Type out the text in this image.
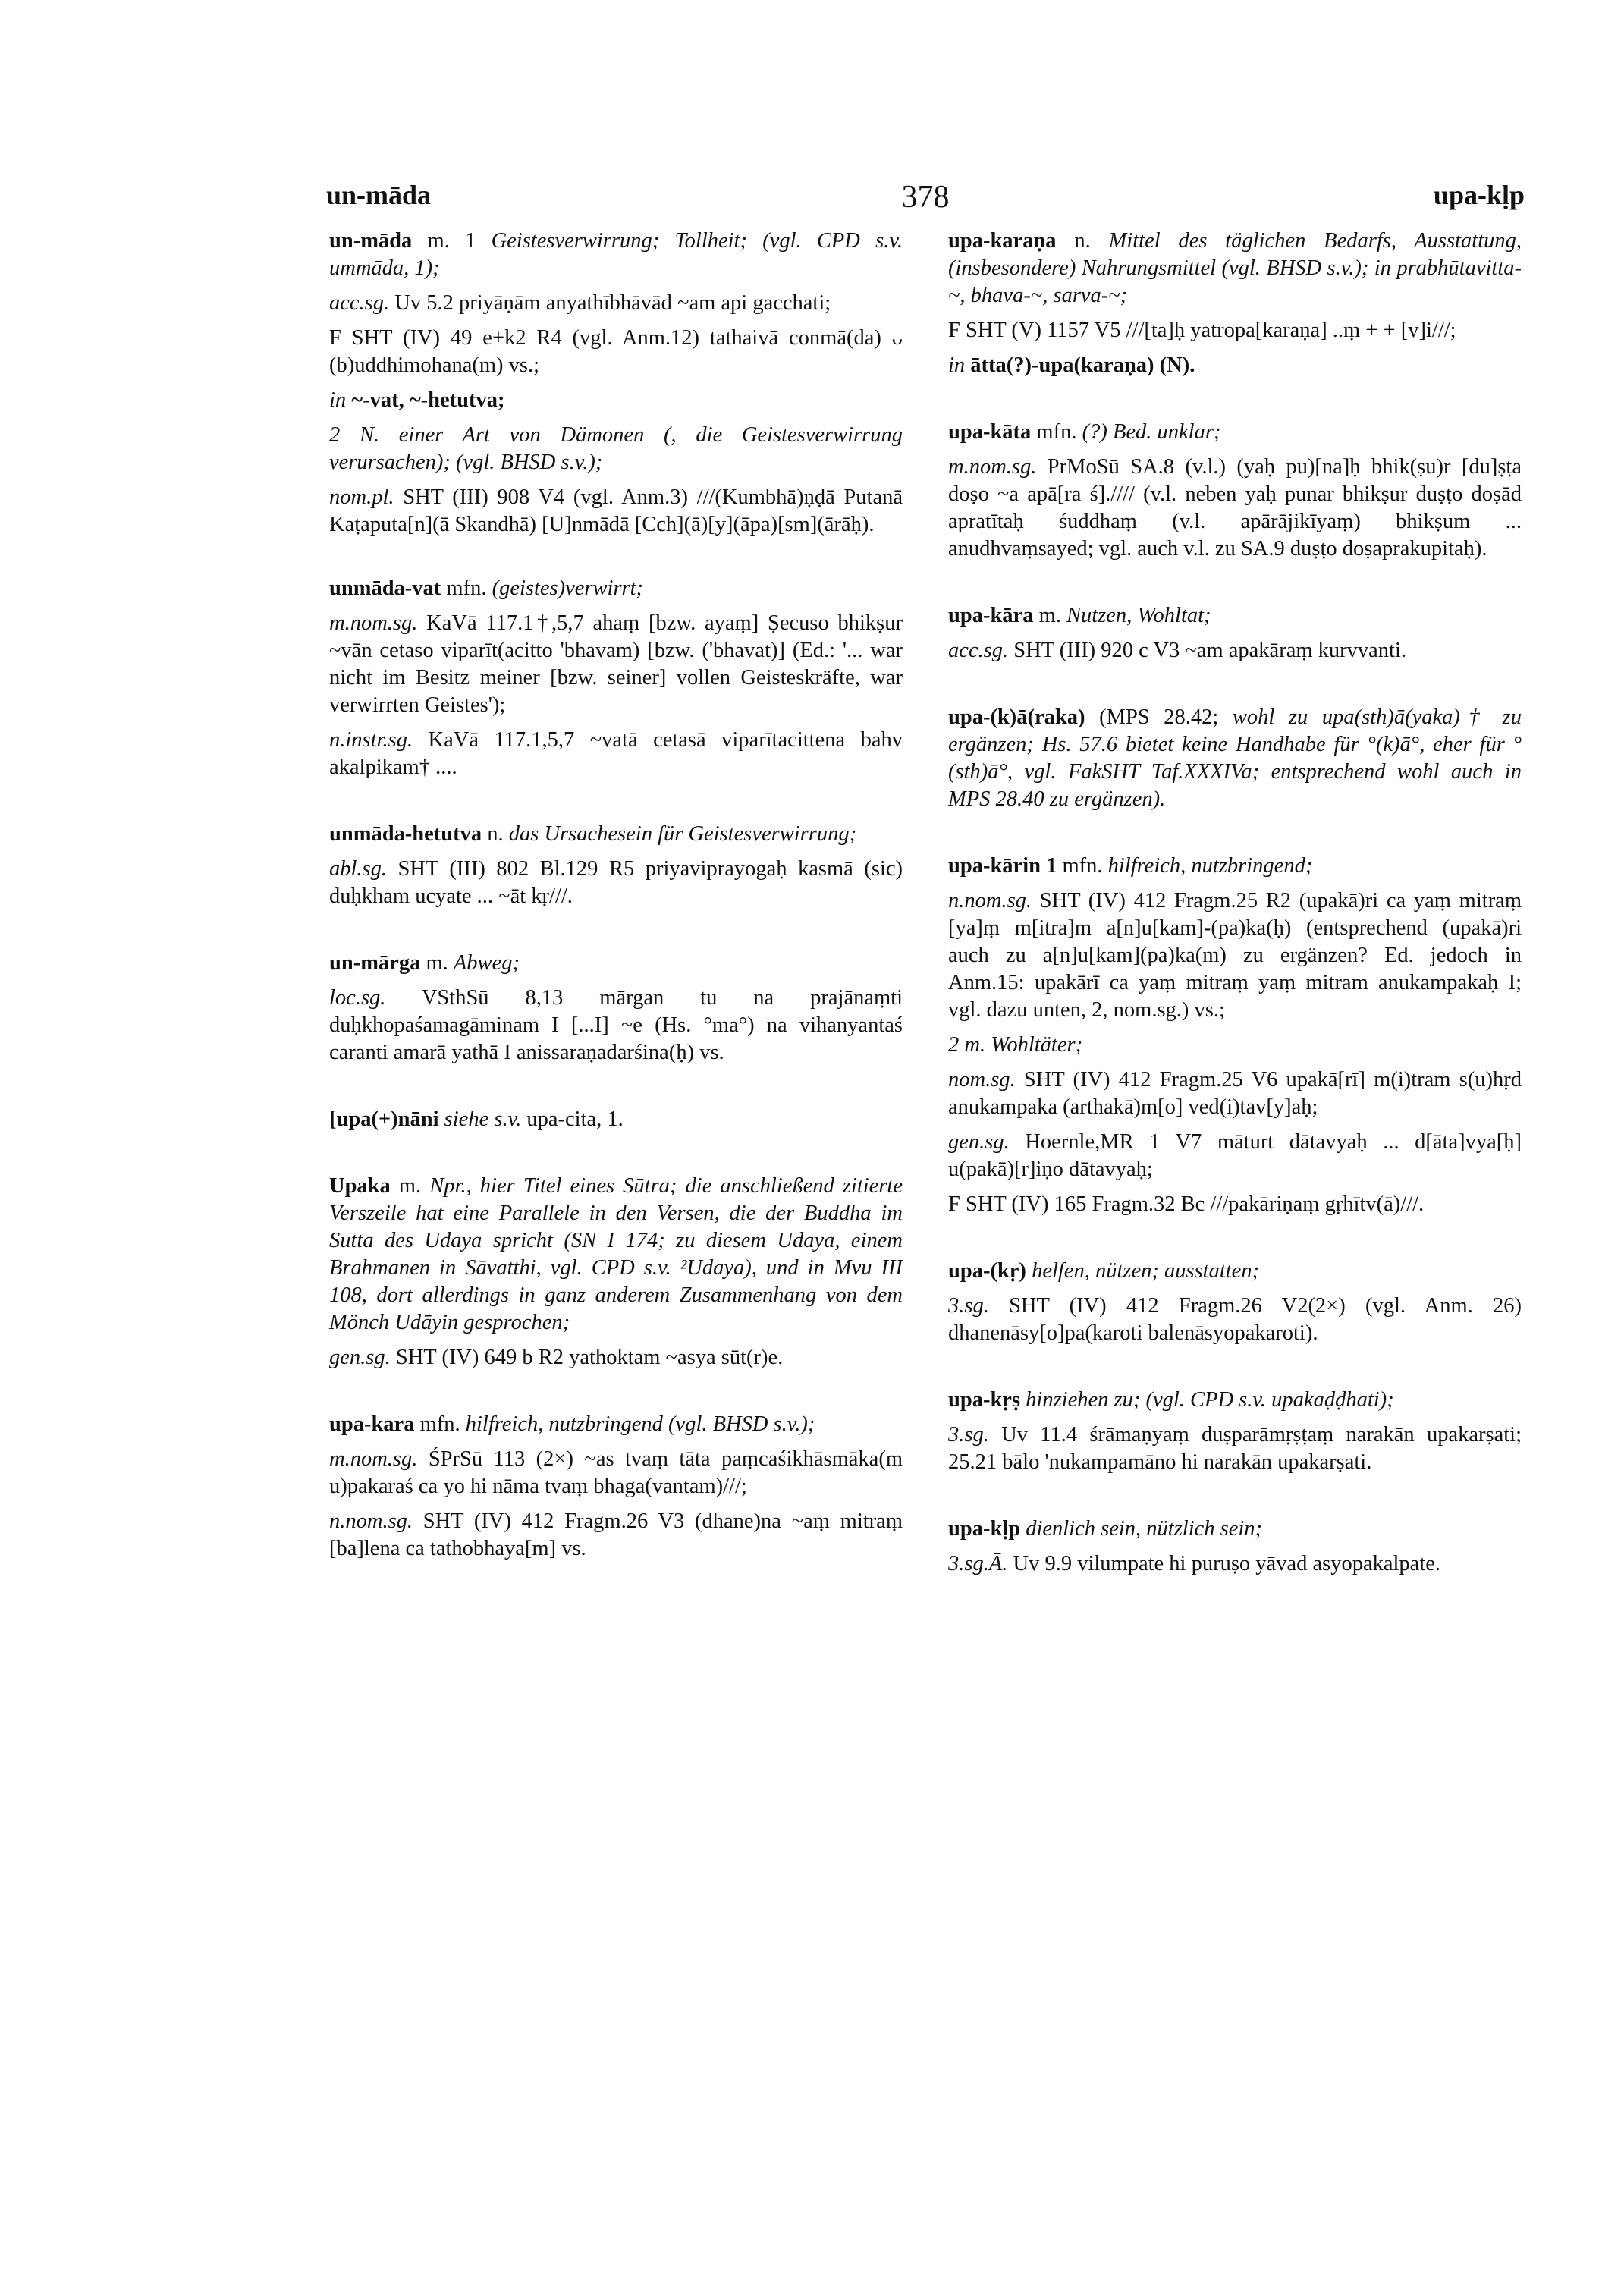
un-māda	378	upa-kḷp

un-māda m. 1 Geistesverwirrung; Tollheit; (vgl. CPD s.v. ummāda, 1);

acc.sg. Uv 5.2 priyāṇām anyathībhāvād ~am api gacchati;

F SHT (IV) 49 e+k2 R4 (vgl. Anm.12) tathaivā conmā(da) ᴗ (b)uddhimohana(m) vs.;

in ~-vat, ~-hetutva;

2 N. einer Art von Dämonen (, die Geistesverwirrung verursachen); (vgl. BHSD s.v.);

nom.pl. SHT (III) 908 V4 (vgl. Anm.3) ///(Kumbhā)ṇḍā Putanā Kaṭaputa[n](ā Skandhā) [U]nmādā [Cch](ā)[y](āpa)[sm](ārāḥ).

unmāda-vat mfn. (geistes)verwirrt;

m.nom.sg. KaVā 117.1†,5,7 ahaṃ [bzw. ayaṃ] Ṣecuso bhikṣur ~vān cetaso viparīt(acitto 'bhavam) [bzw. ('bhavat)] (Ed.: '... war nicht im Besitz meiner [bzw. seiner] vollen Geisteskräfte, war verwirrten Geistes');

n.instr.sg. KaVā 117.1,5,7 ~vatā cetasā viparītacittena bahv akalpikam† ....

unmāda-hetutva n. das Ursachesein für Geistesverwirrung;

abl.sg. SHT (III) 802 Bl.129 R5 priyaviprayogaḥ kasmā (sic) duḥkham ucyate ... ~āt kṛ///.

un-mārga m. Abweg;

loc.sg. VSthSū 8,13 mārgan tu na prajānaṃti duḥkhopaśamagāminam I [...I] ~e (Hs. °ma°) na vihanyantaś caranti amarā yathā I anissaraṇadarśina(ḥ) vs.

[upa(+)nāni siehe s.v. upa-cita, 1.

Upaka m. Npr., hier Titel eines Sūtra; die anschließend zitierte Verszeile hat eine Parallele in den Versen, die der Buddha im Sutta des Udaya spricht (SN I 174; zu diesem Udaya, einem Brahmanen in Sāvatthi, vgl. CPD s.v. ²Udaya), und in Mvu III 108, dort allerdings in ganz anderem Zusammenhang von dem Mönch Udāyin gesprochen;

gen.sg. SHT (IV) 649 b R2 yathoktam ~asya sūt(r)e.

upa-kara mfn. hilfreich, nutzbringend (vgl. BHSD s.v.);

m.nom.sg. ŚPrSū 113 (2×) ~as tvaṃ tāta paṃcaśikhāsmāka(m u)pakaraś ca yo hi nāma tvaṃ bhaga(vantam)///;

n.nom.sg. SHT (IV) 412 Fragm.26 V3 (dhane)na ~aṃ mitraṃ [ba]lena ca tathobhaya[m] vs.

upa-karaṇa n. Mittel des täglichen Bedarfs, Ausstattung, (insbesondere) Nahrungsmittel (vgl. BHSD s.v.); in prabhūtavitta-~, bhava-~, sarva-~;

F SHT (V) 1157 V5 ///[ta]ḥ yatropa[karaṇa] ..ṃ + + [v]i///;

in ātta(?)-upa(karaṇa) (N).

upa-kāta mfn. (?) Bed. unklar;

m.nom.sg. PrMoSū SA.8 (v.l.) (yaḥ pu)[na]ḥ bhik(ṣu)r [du]ṣṭa doṣo ~a apā[ra ś].//// (v.l. neben yaḥ punar bhikṣur duṣṭo doṣād apratītaḥ śuddhaṃ (v.l. apārājikīyaṃ) bhikṣum ... anudhvaṃsayed; vgl. auch v.l. zu SA.9 duṣṭo doṣaprakupitaḥ).

upa-kāra m. Nutzen, Wohltat;

acc.sg. SHT (III) 920 c V3 ~am apakāraṃ kurvvanti.

upa-(k)ā(raka) (MPS 28.42; wohl zu upa(sth)ā(yaka)† zu ergänzen; Hs. 57.6 bietet keine Handhabe für °(k)ā°, eher für °(sth)ā°, vgl. FakSHT Taf.XXXIVa; entsprechend wohl auch in MPS 28.40 zu ergänzen).

upa-kārin 1 mfn. hilfreich, nutzbringend;

n.nom.sg. SHT (IV) 412 Fragm.25 R2 (upakā)ri ca yaṃ mitraṃ [ya]ṃ m[itra]m a[n]u[kam]-(pa)ka(ḥ) (entsprechend (upakā)ri auch zu a[n]u[kam](pa)ka(m) zu ergänzen? Ed. jedoch in Anm.15: upakārī ca yaṃ mitraṃ yaṃ mitram anukampakaḥ I; vgl. dazu unten, 2, nom.sg.) vs.;

2 m. Wohltäter;

nom.sg. SHT (IV) 412 Fragm.25 V6 upakā[rī] m(i)tram s(u)hṛd anukampaka (arthakā)m[o] ved(i)tav[y]aḥ;

gen.sg. Hoernle,MR 1 V7 māturt dātavyaḥ ... d[āta]vya[ḥ] u(pakā)[r]iṇo dātavyaḥ;

F SHT (IV) 165 Fragm.32 Bc ///pakāriṇaṃ gṛhītv(ā)///.

upa-(kṛ) helfen, nützen; ausstatten;

3.sg. SHT (IV) 412 Fragm.26 V2(2×) (vgl. Anm. 26) dhanenāsy[o]pa(karoti balenāsyopakaroti).

upa-kṛṣ hinziehen zu; (vgl. CPD s.v. upakaḍḍhati);

3.sg. Uv 11.4 śrāmaṇyaṃ duṣparāmṛṣṭaṃ narakān upakarṣati; 25.21 bālo 'nukampamāno hi narakān upakarṣati.

upa-kḷp dienlich sein, nützlich sein;

3.sg.Ā. Uv 9.9 vilumpate hi puruṣo yāvad asyopakalpate.
